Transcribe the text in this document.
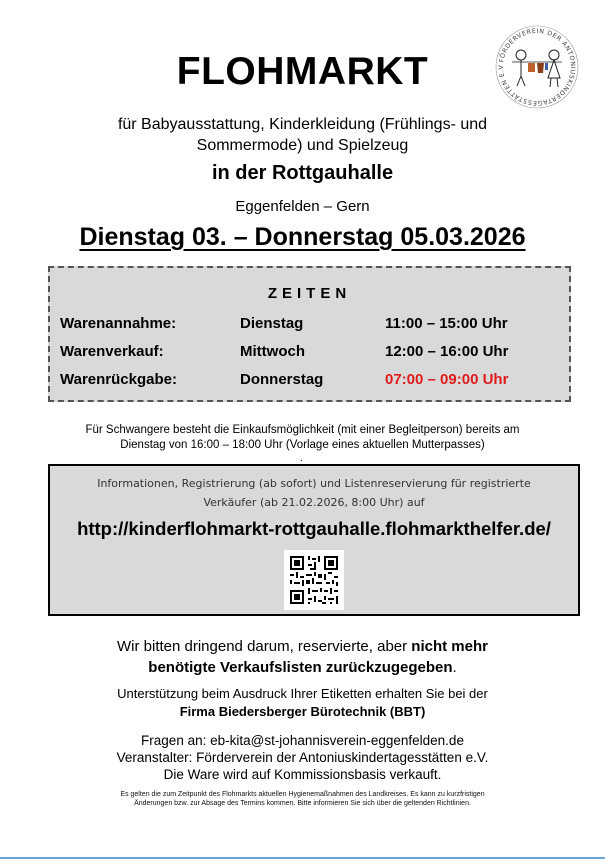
FÖRDERVEREIN DER ANTONIUSKINDERTAGESSTÄTTEN E.V
FLOHMARKT
für Babyausstattung, Kinderkleidung (Frühlings- und
Sommermode) und Spielzeug
in der Rottgauhalle
Eggenfelden – Gern
Dienstag 03. – Donnerstag 05.03.2026
ZEITEN
Warenannahme:	Dienstag	11:00 – 15:00 Uhr
Warenverkauf:	Mittwoch	12:00 – 16:00 Uhr
Warenrückgabe:	Donnerstag	07:00 – 09:00 Uhr
Für Schwangere besteht die Einkaufsmöglichkeit (mit einer Begleitperson) bereits am
Dienstag von 16:00 – 18:00 Uhr (Vorlage eines aktuellen Mutterpasses)
.
Informationen, Registrierung (ab sofort) und Listenreservierung für registrierte
Verkäufer (ab 21.02.2026, 8:00 Uhr) auf
http://kinderflohmarkt-rottgauhalle.flohmarkthelfer.de/
Wir bitten dringend darum, reservierte, aber nicht mehr
benötigte Verkaufslisten zurückzugegeben.
Unterstützung beim Ausdruck Ihrer Etiketten erhalten Sie bei der
Firma Biedersberger Bürotechnik (BBT)
Fragen an: eb-kita@st-johannisverein-eggenfelden.de
Veranstalter: Förderverein der Antoniuskindertagesstätten e.V.
Die Ware wird auf Kommissionsbasis verkauft.
Es gelten die zum Zeitpunkt des Flohmarkts aktuellen Hygienemaßnahmen des Landkreises. Es kann zu kurzfristigen
Änderungen bzw. zur Absage des Termins kommen. Bitte informieren Sie sich über die geltenden Richtlinien.
